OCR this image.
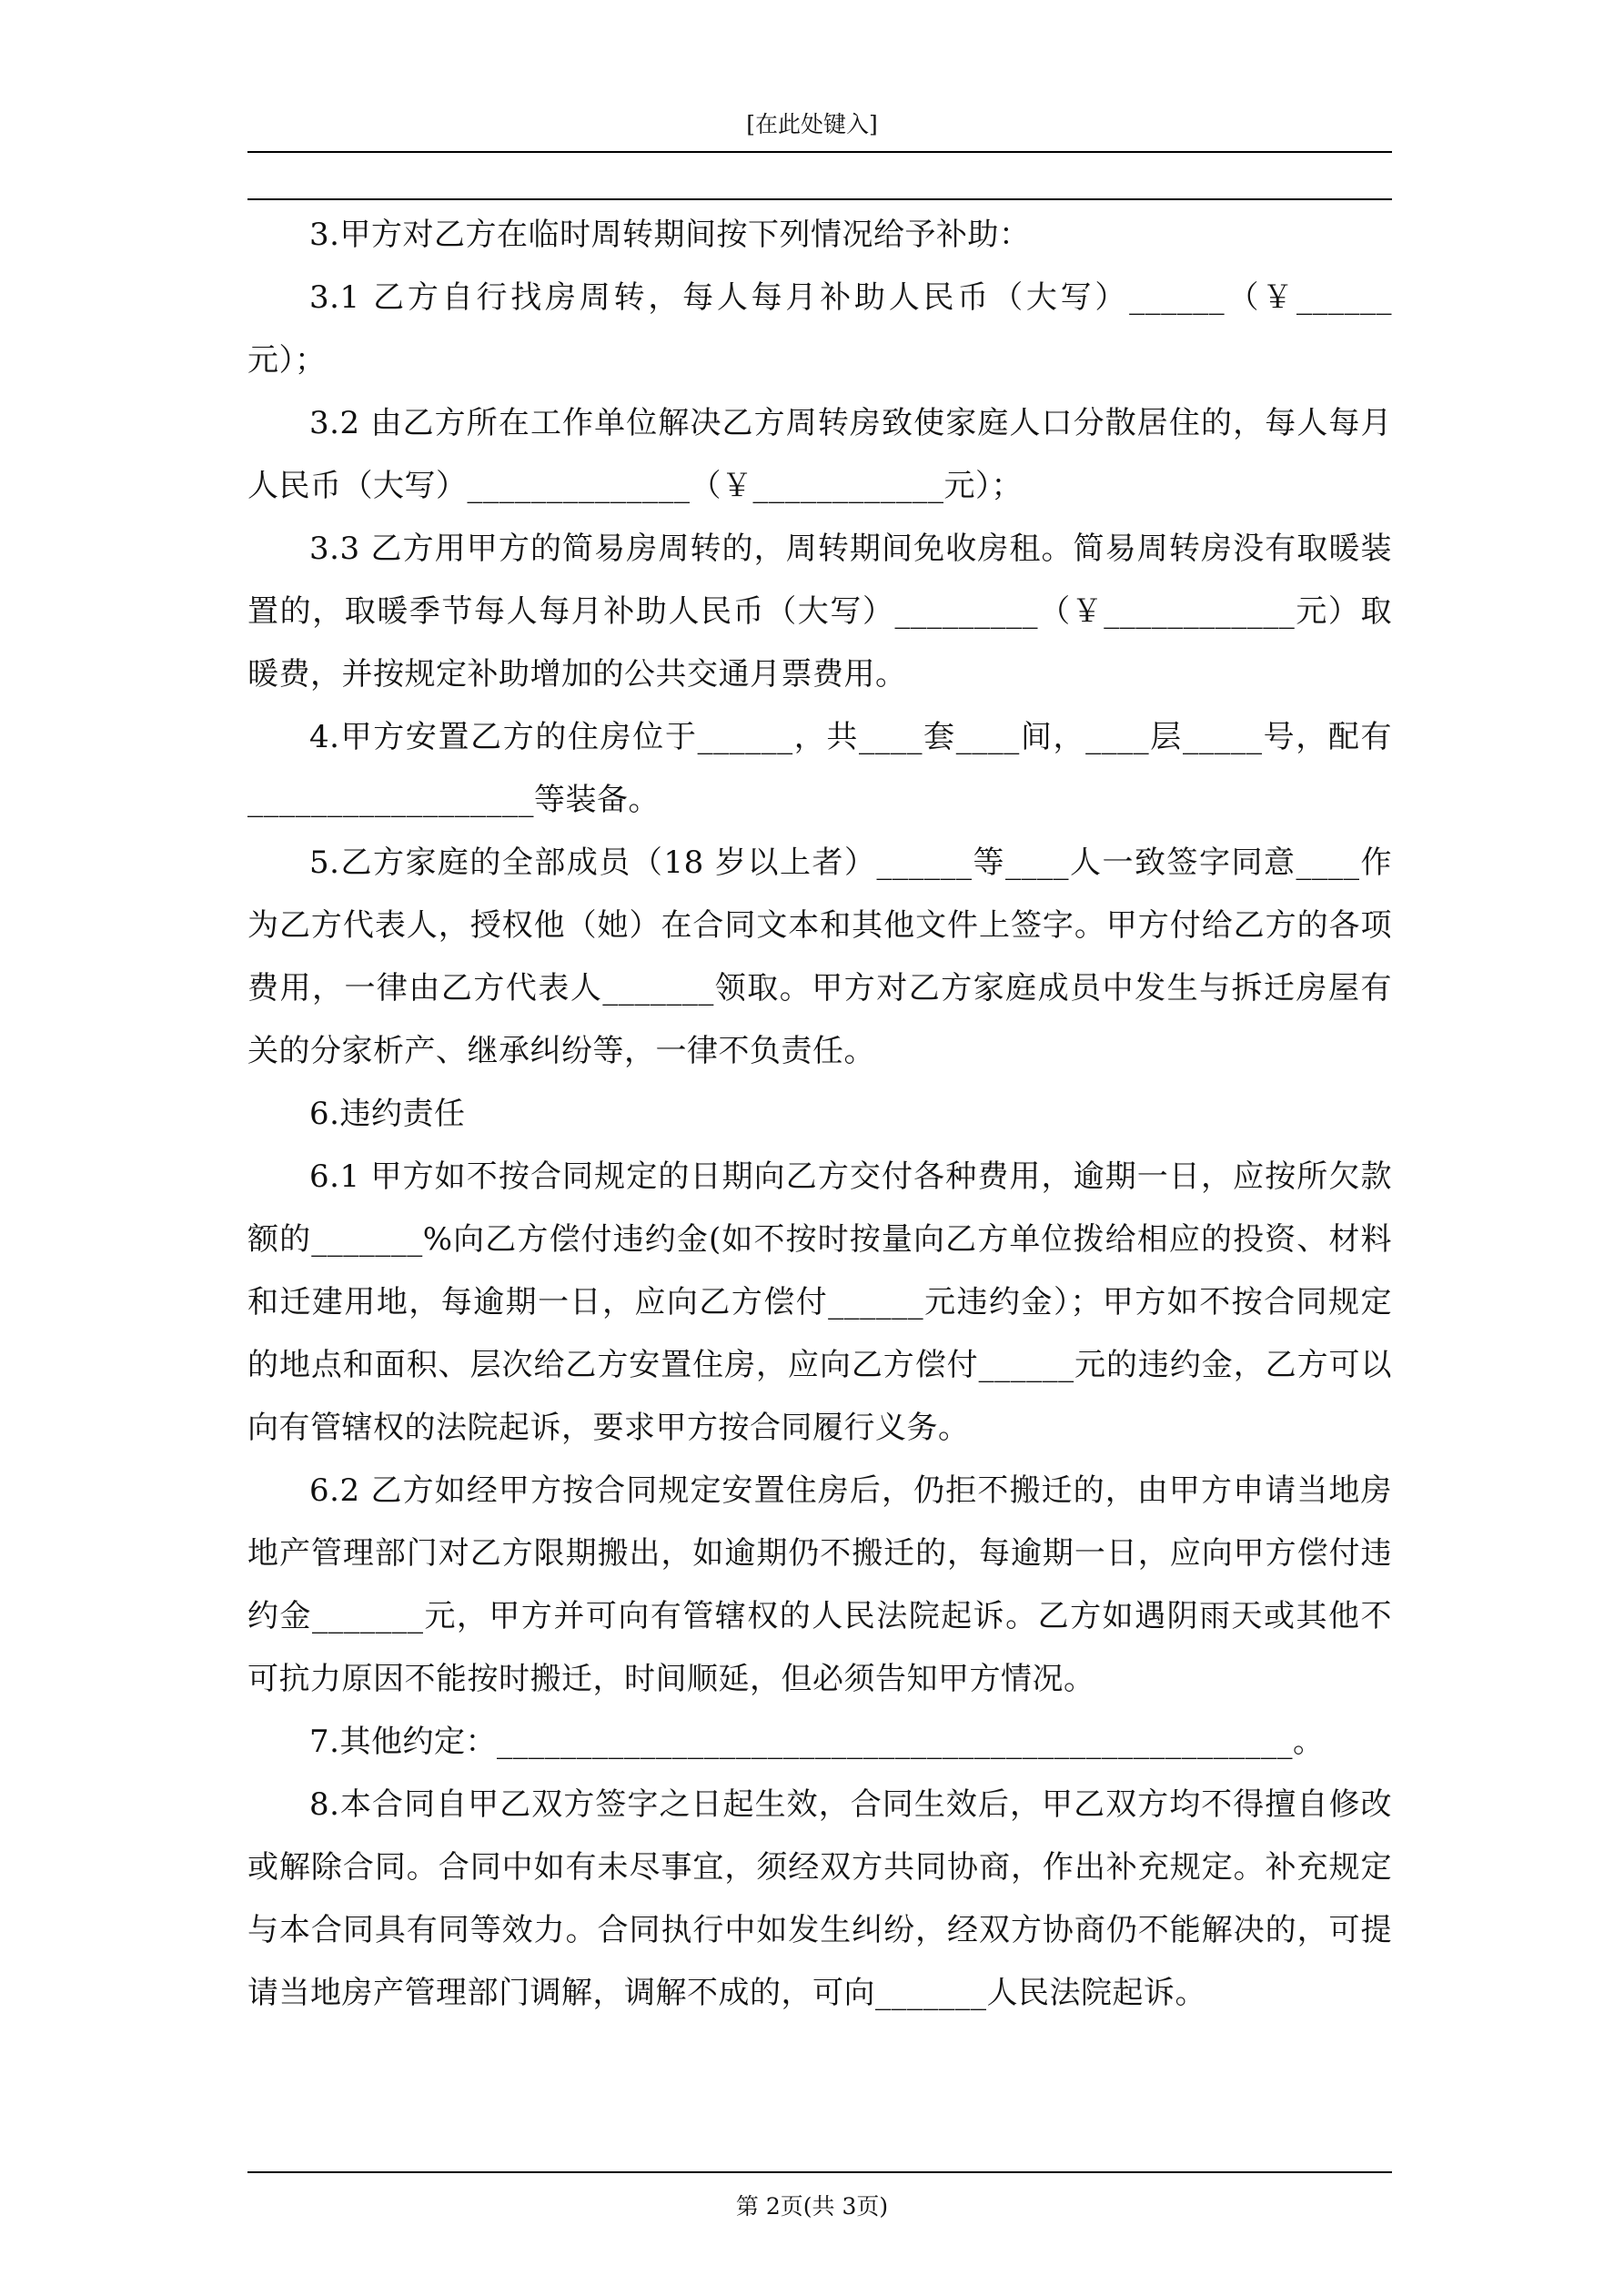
[在此处键入]

3.甲方对乙方在临时周转期间按下列情况给予补助：

3.1 乙方自行找房周转，每人每月补助人民币（大写）______（￥______元）；

3.2 由乙方所在工作单位解决乙方周转房致使家庭人口分散居住的，每人每月人民币（大写）______________（￥____________元）；

3.3 乙方用甲方的简易房周转的，周转期间免收房租。简易周转房没有取暖装置的，取暖季节每人每月补助人民币（大写）_________（￥____________元）取暖费，并按规定补助增加的公共交通月票费用。

4.甲方安置乙方的住房位于______，共____套____间，____层_____号，配有__________________等装备。

5.乙方家庭的全部成员（18 岁以上者）______等____人一致签字同意____作为乙方代表人，授权他（她）在合同文本和其他文件上签字。甲方付给乙方的各项费用，一律由乙方代表人_______领取。甲方对乙方家庭成员中发生与拆迁房屋有关的分家析产、继承纠纷等，一律不负责任。

6.违约责任

6.1 甲方如不按合同规定的日期向乙方交付各种费用，逾期一日，应按所欠款额的_______%向乙方偿付违约金(如不按时按量向乙方单位拨给相应的投资、材料和迁建用地，每逾期一日，应向乙方偿付______元违约金）；甲方如不按合同规定的地点和面积、层次给乙方安置住房，应向乙方偿付______元的违约金，乙方可以向有管辖权的法院起诉，要求甲方按合同履行义务。

6.2 乙方如经甲方按合同规定安置住房后，仍拒不搬迁的，由甲方申请当地房地产管理部门对乙方限期搬出，如逾期仍不搬迁的，每逾期一日，应向甲方偿付违约金_______元，甲方并可向有管辖权的人民法院起诉。乙方如遇阴雨天或其他不可抗力原因不能按时搬迁，时间顺延，但必须告知甲方情况。

7.其他约定：__________________________________________________。

8.本合同自甲乙双方签字之日起生效，合同生效后，甲乙双方均不得擅自修改或解除合同。合同中如有未尽事宜，须经双方共同协商，作出补充规定。补充规定与本合同具有同等效力。合同执行中如发生纠纷，经双方协商仍不能解决的，可提请当地房产管理部门调解，调解不成的，可向_______人民法院起诉。

第 2页(共 3页)
